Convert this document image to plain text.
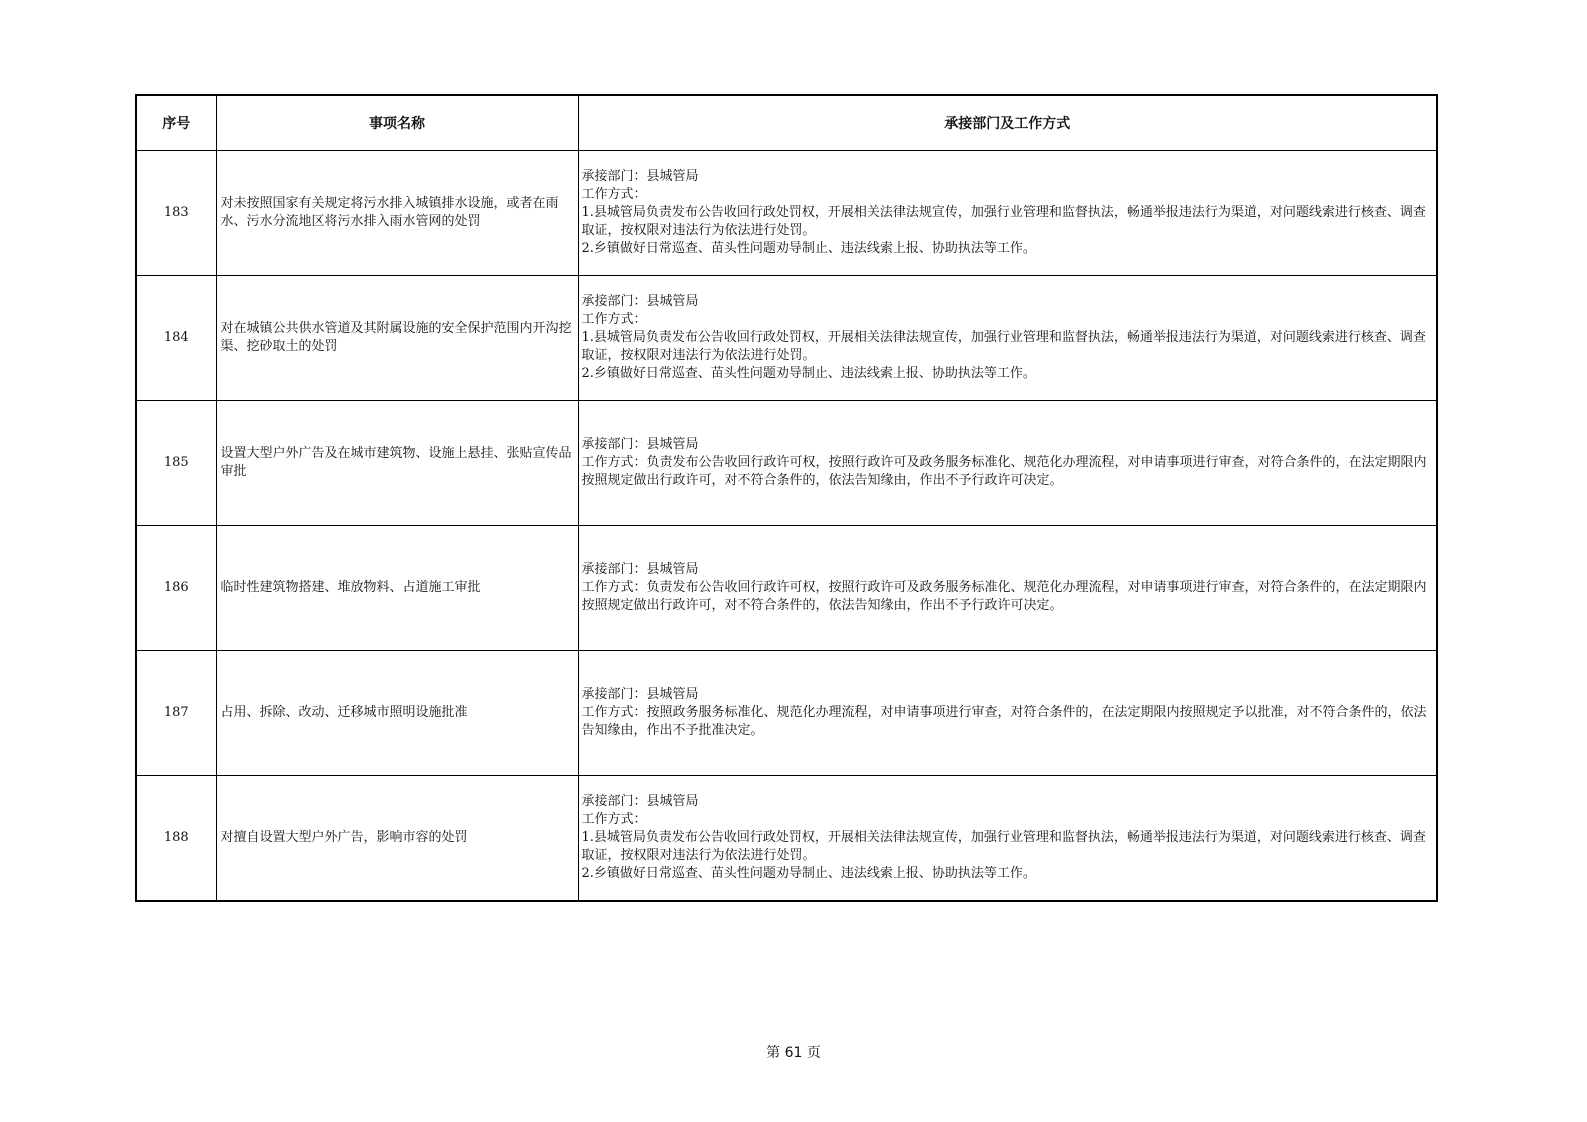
序号	事项名称	承接部门及工作方式
183	对未按照国家有关规定将污水排入城镇排水设施，或者在雨水、污水分流地区将污水排入雨水管网的处罚	承接部门：县城管局
工作方式：
1.县城管局负责发布公告收回行政处罚权，开展相关法律法规宣传，加强行业管理和监督执法，畅通举报违法行为渠道，对问题线索进行核查、调查取证，按权限对违法行为依法进行处罚。
2.乡镇做好日常巡查、苗头性问题劝导制止、违法线索上报、协助执法等工作。

184	对在城镇公共供水管道及其附属设施的安全保护范围内开沟挖渠、挖砂取土的处罚	承接部门：县城管局
工作方式：
1.县城管局负责发布公告收回行政处罚权，开展相关法律法规宣传，加强行业管理和监督执法，畅通举报违法行为渠道，对问题线索进行核查、调查取证，按权限对违法行为依法进行处罚。
2.乡镇做好日常巡查、苗头性问题劝导制止、违法线索上报、协助执法等工作。

185	设置大型户外广告及在城市建筑物、设施上悬挂、张贴宣传品审批	承接部门：县城管局
工作方式：负责发布公告收回行政许可权，按照行政许可及政务服务标准化、规范化办理流程，对申请事项进行审查，对符合条件的，在法定期限内按照规定做出行政许可，对不符合条件的，依法告知缘由，作出不予行政许可决定。

186	临时性建筑物搭建、堆放物料、占道施工审批	承接部门：县城管局
工作方式：负责发布公告收回行政许可权，按照行政许可及政务服务标准化、规范化办理流程，对申请事项进行审查，对符合条件的，在法定期限内按照规定做出行政许可，对不符合条件的，依法告知缘由，作出不予行政许可决定。

187	占用、拆除、改动、迁移城市照明设施批准	承接部门：县城管局
工作方式：按照政务服务标准化、规范化办理流程，对申请事项进行审查，对符合条件的，在法定期限内按照规定予以批准，对不符合条件的，依法告知缘由，作出不予批准决定。

188	对擅自设置大型户外广告，影响市容的处罚	承接部门：县城管局
工作方式：
1.县城管局负责发布公告收回行政处罚权，开展相关法律法规宣传，加强行业管理和监督执法，畅通举报违法行为渠道，对问题线索进行核查、调查取证，按权限对违法行为依法进行处罚。
2.乡镇做好日常巡查、苗头性问题劝导制止、违法线索上报、协助执法等工作。
第 61 页
